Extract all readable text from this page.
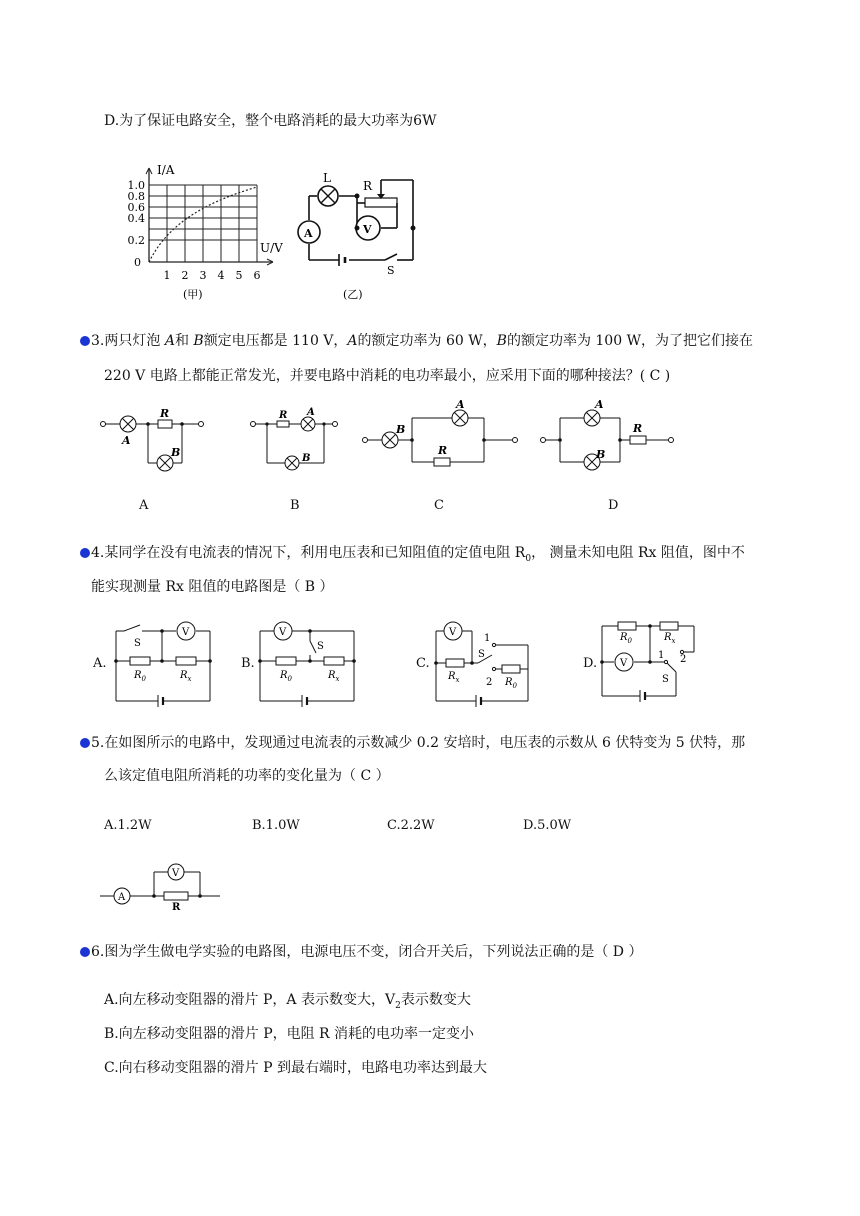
D.为了保证电路安全，整个电路消耗的最大功率为6W
I/A
U/V
1.0
0.8
0.6
0.4
0.2
0
1 2 3 4 5 6
(甲)
L
R
A	V
S
(乙)
3.两只灯泡 A和 B额定电压都是 110 V，A的额定功率为 60 W，B的额定功率为 100 W，为了把它们接在
220 V 电路上都能正常发光，并要电路中消耗的电功率最小，应采用下面的哪种接法？( C )
A
R
B
R A
B
B
A
R
A
R
B
A	B	C	D
4.某同学在没有电流表的情况下，利用电压表和已知阻值的定值电阻 $R_0$， 测量未知电阻 Rx 阻值，图中不
能实现测量 Rx 阻值的电路图是（ B ）
A.
V
S
$R_0$	$R_x$
B.
V
S
$R_0$	$R_x$
C.
V
S
1
2
$R_x$	$R_0$
D. V
$R_0$	$R_x$
1 2
S
5.在如图所示的电路中，发现通过电流表的示数减少 0.2 安培时，电压表的示数从 6 伏特变为 5 伏特，那
么该定值电阻所消耗的功率的变化量为（ C ）
A.1.2W	B.1.0W	C.2.2W	D.5.0W
A
V
R
6.图为学生做电学实验的电路图，电源电压不变，闭合开关后，下列说法正确的是（ D ）
A.向左移动变阻器的滑片 P，A 表示数变大，$V_2$表示数变大
B.向左移动变阻器的滑片 P，电阻 R 消耗的电功率一定变小
C.向右移动变阻器的滑片 P 到最右端时，电路电功率达到最大
